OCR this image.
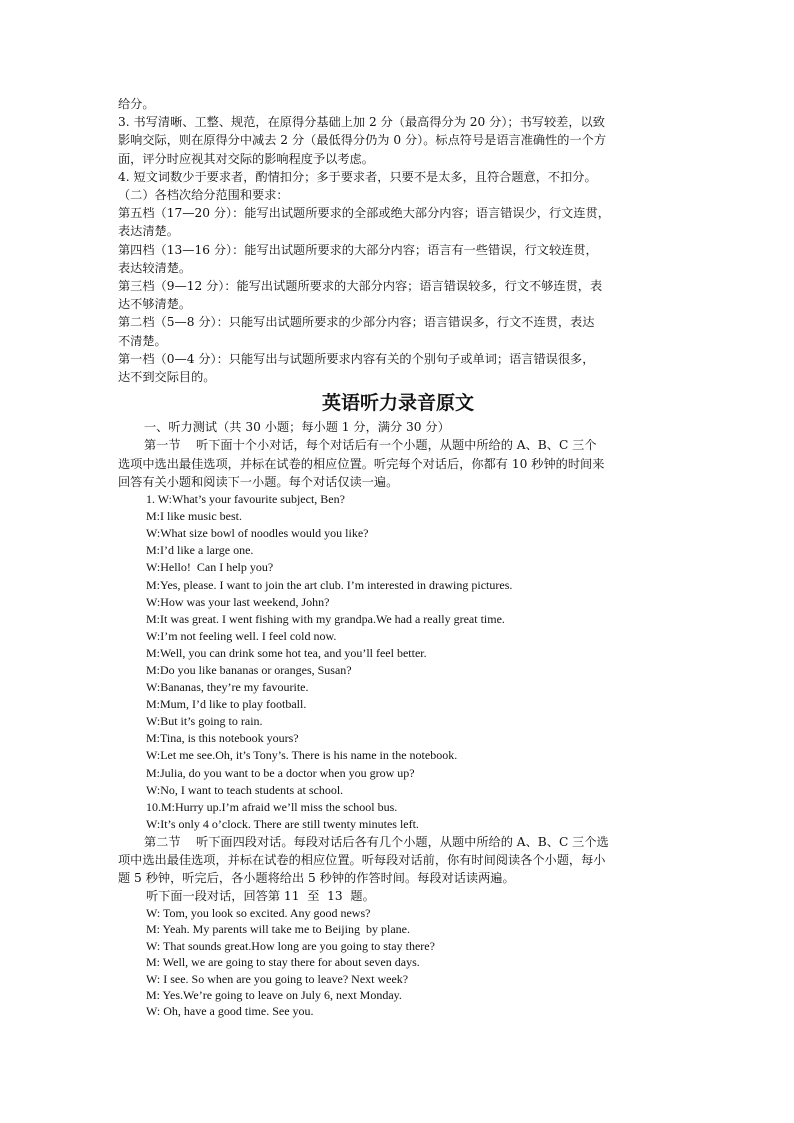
给分。

3. 书写清晰、工整、规范，在原得分基础上加 2 分（最高得分为 20 分）；书写较差，以致

影响交际，则在原得分中减去 2 分（最低得分仍为 0 分）。标点符号是语言准确性的一个方

面，评分时应视其对交际的影响程度予以考虑。

4. 短文词数少于要求者，酌情扣分；多于要求者，只要不是太多，且符合题意，不扣分。

（二）各档次给分范围和要求：

第五档（17—20 分）：能写出试题所要求的全部或绝大部分内容；语言错误少，行文连贯，

表达清楚。

第四档（13—16 分）：能写出试题所要求的大部分内容；语言有一些错误，行文较连贯，

表达较清楚。

第三档（9—12 分）：能写出试题所要求的大部分内容；语言错误较多，行文不够连贯，表

达不够清楚。

第二档（5—8 分）：只能写出试题所要求的少部分内容；语言错误多，行文不连贯，表达

不清楚。

第一档（0—4 分）：只能写出与试题所要求内容有关的个别句子或单词；语言错误很多，

达不到交际目的。

英语听力录音原文

一、听力测试（共 30 小题；每小题 1 分，满分 30 分）

第一节    听下面十个小对话，每个对话后有一个小题，从题中所给的 A、B、C 三个

选项中选出最佳选项，并标在试卷的相应位置。听完每个对话后，你都有 10 秒钟的时间来

回答有关小题和阅读下一小题。每个对话仅读一遍。

1. W:What’s your favourite subject, Ben?

M:I like music best.

W:What size bowl of noodles would you like?

M:I’d like a large one.

W:Hello!  Can I help you?

M:Yes, please. I want to join the art club. I’m interested in drawing pictures.

W:How was your last weekend, John?

M:It was great. I went fishing with my grandpa.We had a really great time.

W:I’m not feeling well. I feel cold now.

M:Well, you can drink some hot tea, and you’ll feel better.

M:Do you like bananas or oranges, Susan?

W:Bananas, they’re my favourite.

M:Mum, I’d like to play football.

W:But it’s going to rain.

M:Tina, is this notebook yours?

W:Let me see.Oh, it’s Tony’s. There is his name in the notebook.

M:Julia, do you want to be a doctor when you grow up?

W:No, I want to teach students at school.

10.M:Hurry up.I’m afraid we’ll miss the school bus.

W:It’s only 4 o’clock. There are still twenty minutes left.

第二节    听下面四段对话。每段对话后各有几个小题，从题中所给的 A、B、C 三个选

项中选出最佳选项，并标在试卷的相应位置。听每段对话前，你有时间阅读各个小题，每小

题 5 秒钟，听完后，各小题将给出 5 秒钟的作答时间。每段对话读两遍。

听下面一段对话，回答第 11  至  13  题。

W: Tom, you look so excited. Any good news?

M: Yeah. My parents will take me to Beijing  by plane.

W: That sounds great.How long are you going to stay there?

M: Well, we are going to stay there for about seven days.

W: I see. So when are you going to leave? Next week?

M: Yes.We’re going to leave on July 6, next Monday.

W: Oh, have a good time. See you.
